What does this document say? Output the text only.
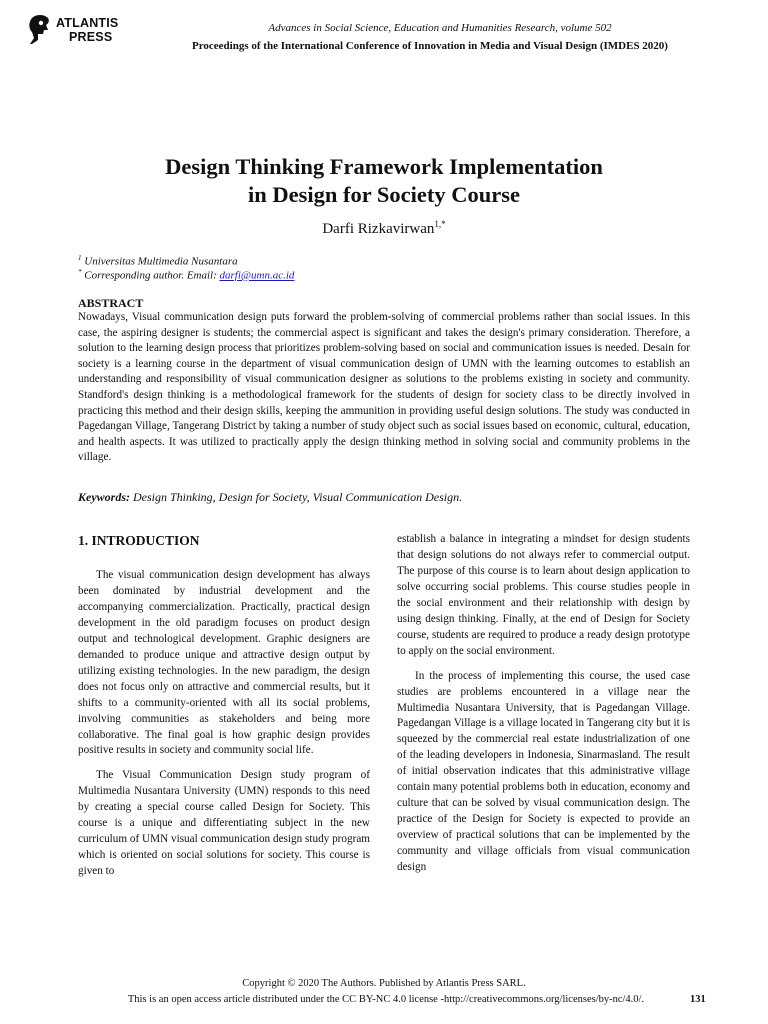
ATLANTIS
PRESS
Advances in Social Science, Education and Humanities Research, volume 502
Proceedings of the International Conference of Innovation in Media and Visual Design (IMDES 2020)
Design Thinking Framework Implementation
in Design for Society Course
Darfi Rizkavirwan$^{1,*}$
$^1$ Universitas Multimedia Nusantara
* Corresponding author. Email: darfi@umn.ac.id
ABSTRACT
Nowadays, Visual communication design puts forward the problem-solving of commercial problems rather than social issues. In this case, the aspiring designer is students; the commercial aspect is significant and takes the design's primary consideration. Therefore, a solution to the learning design process that prioritizes problem-solving based on social and communication issues is needed. Desain for society is a learning course in the department of visual communication design of UMN with the learning outcomes to establish an understanding and responsibility of visual communication designer as solutions to the problems existing in society and community. Standford's design thinking is a methodological framework for the students of design for society class to be directly involved in practicing this method and their design skills, keeping the ammunition in providing useful design solutions. The study was conducted in Pagedangan Village, Tangerang District by taking a number of study object such as social issues based on economic, cultural, education, and health aspects. It was utilized to practically apply the design thinking method in solving social and community problems in the village.
Keywords: Design Thinking, Design for Society, Visual Communication Design.
1. INTRODUCTION

The visual communication design development has always been dominated by industrial development and the accompanying commercialization. Practically, practical design development in the old paradigm focuses on product design output and technological development. Graphic designers are demanded to produce unique and attractive design output by utilizing existing technologies. In the new paradigm, the design does not focus only on attractive and commercial results, but it shifts to a community-oriented with all its social problems, involving communities as stakeholders and being more collaborative. The final goal is how graphic design provides positive results in society and community social life.

The Visual Communication Design study program of Multimedia Nusantara University (UMN) responds to this need by creating a special course called Design for Society. This course is a unique and differentiating subject in the new curriculum of UMN visual communication design study program which is oriented on social solutions for society. This course is given to

establish a balance in integrating a mindset for design students that design solutions do not always refer to commercial output. The purpose of this course is to learn about design application to solve occurring social problems. This course studies people in the social environment and their relationship with design by using design thinking. Finally, at the end of Design for Society course, students are required to produce a ready design prototype to apply on the social environment.

In the process of implementing this course, the used case studies are problems encountered in a village near the Multimedia Nusantara University, that is Pagedangan Village. Pagedangan Village is a village located in Tangerang city but it is squeezed by the commercial real estate industrialization of one of the leading developers in Indonesia, Sinarmasland. The result of initial observation indicates that this administrative village contain many potential problems both in education, economy and culture that can be solved by visual communication design. The practice of the Design for Society is expected to provide an overview of practical solutions that can be implemented by the community and village officials from visual communication design

Copyright © 2020 The Authors. Published by Atlantis Press SARL.
This is an open access article distributed under the CC BY-NC 4.0 license -http://creativecommons.org/licenses/by-nc/4.0/.	131
